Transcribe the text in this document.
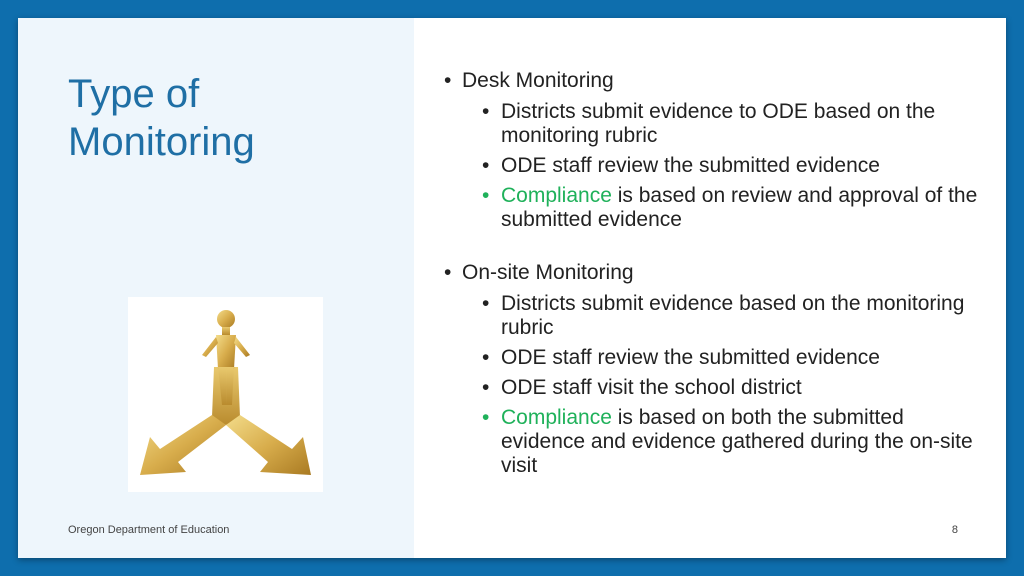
Type of
Monitoring
• Desk Monitoring
• Districts submit evidence to ODE based on the monitoring rubric
• ODE staff review the submitted evidence
• Compliance is based on review and approval of the submitted evidence
• On-site Monitoring
• Districts submit evidence based on the monitoring rubric
• ODE staff review the submitted evidence
• ODE staff visit the school district
• Compliance is based on both the submitted evidence and evidence gathered during the on-site visit
Oregon Department of Education	8
